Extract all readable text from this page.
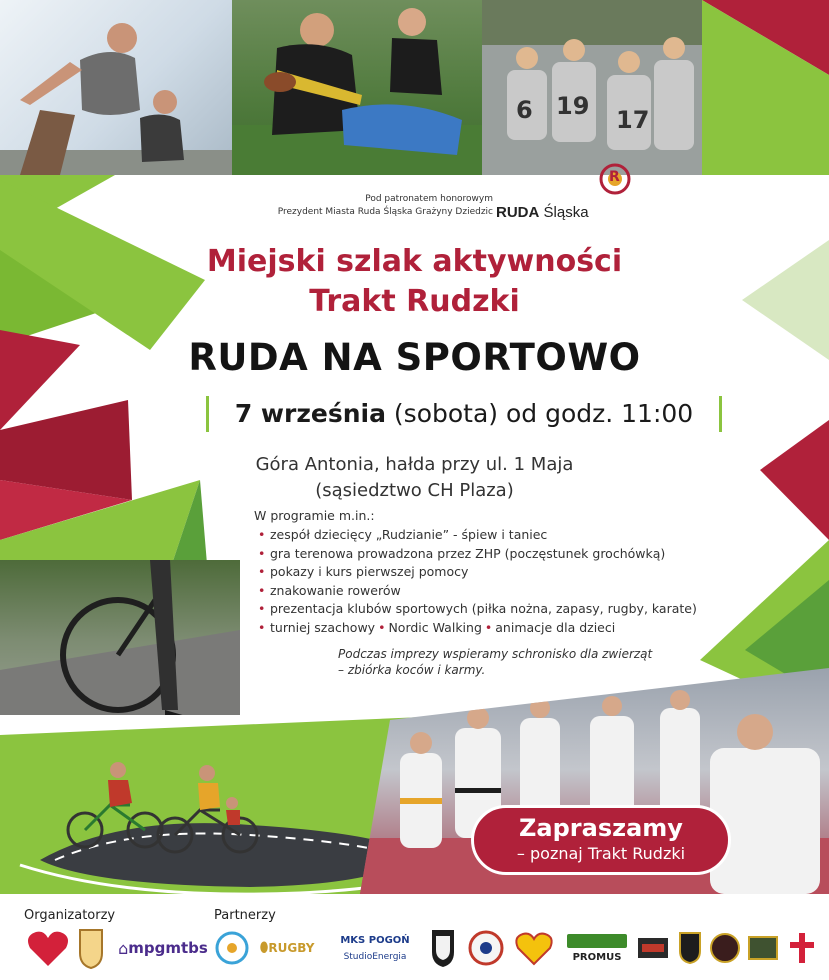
6 19 17
Pod patronatem honorowym
Prezydent Miasta Ruda Śląska Grażyny Dziedzic
R
RUDA Śląska
Miejski szlak aktywności
Trakt Rudzki
RUDA NA SPORTOWO
7 września (sobota) od godz. 11:00
Góra Antonia, hałda przy ul. 1 Maja
(sąsiedztwo CH Plaza)
W programie m.in.:
• zespół dziecięcy „Rudzianie” - śpiew i taniec
• gra terenowa prowadzona przez ZHP (poczęstunek grochówką)
• pokazy i kurs pierwszej pomocy
• znakowanie rowerów
• prezentacja klubów sportowych (piłka nożna, zapasy, rugby, karate)
• turniej szachowy • Nordic Walking • animacje dla dzieci
Podczas imprezy wspieramy schronisko dla zwierząt
– zbiórka koców i karmy.
Zapraszamy
– poznaj Trakt Rudzki
Organizatorzy	Partnerzy
⌂ mpgmtbs	⬮ RUGBY
MKS POGOŃ
StudioEnergia	PROMUS
